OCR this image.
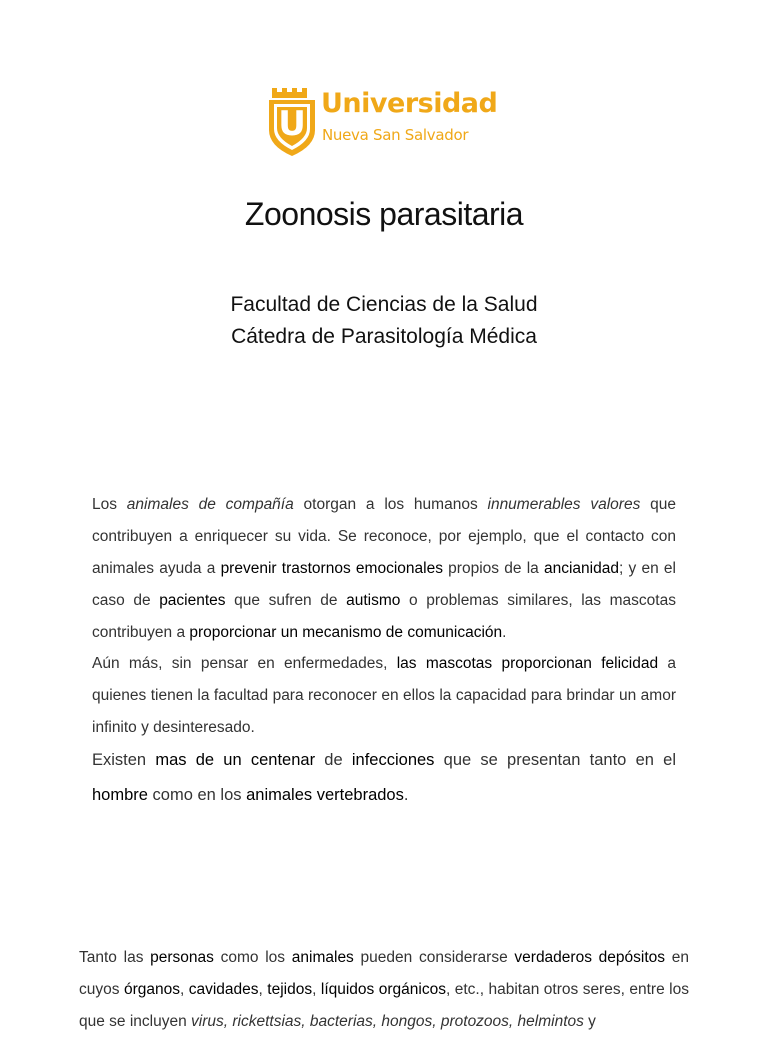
U
Universidad
Nueva San Salvador
Zoonosis parasitaria
Facultad de Ciencias de la Salud
Cátedra de Parasitología Médica
Los animales de compañía otorgan a los humanos innumerables valores que contribuyen a enriquecer su vida. Se reconoce, por ejemplo, que el contacto con animales ayuda a prevenir trastornos emocionales propios de la ancianidad; y en el caso de pacientes que sufren de autismo o problemas similares, las mascotas contribuyen a proporcionar un mecanismo de comunicación.
Aún más, sin pensar en enfermedades, las mascotas proporcionan felicidad a quienes tienen la facultad para reconocer en ellos la capacidad para brindar un amor infinito y desinteresado.
Existen mas de un centenar de infecciones que se presentan tanto en el hombre como en los animales vertebrados.
Tanto las personas como los animales pueden considerarse verdaderos depósitos en cuyos órganos, cavidades, tejidos, líquidos orgánicos, etc., habitan otros seres, entre los que se incluyen virus, rickettsias, bacterias, hongos, protozoos, helmintos y
